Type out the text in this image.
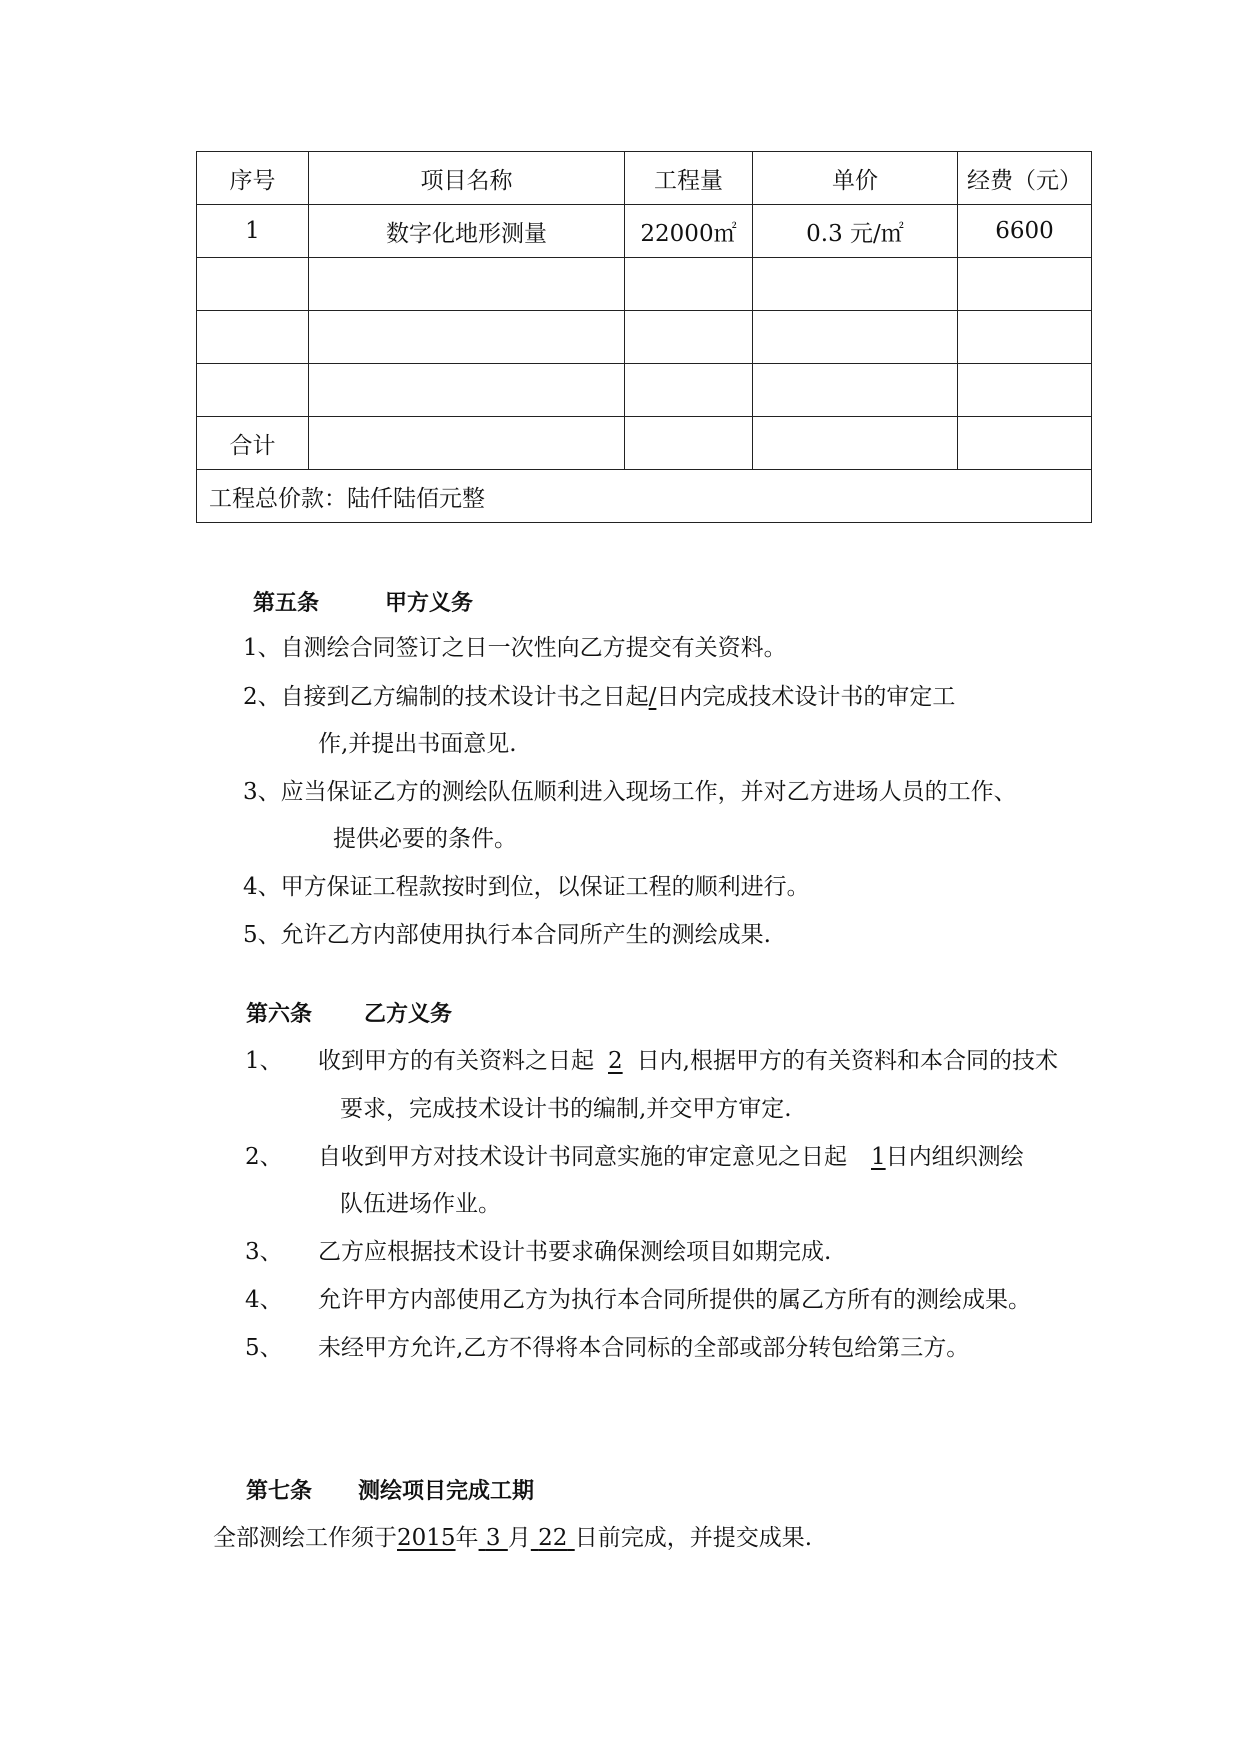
序号	项目名称	工程量	单价	经费（元）
1	数字化地形测量	22000㎡	0.3 元/㎡	6600

合计				
工程总价款：陆仟陆佰元整				
第五条	甲方义务
1、自测绘合同签订之日一次性向乙方提交有关资料。
2、自接到乙方编制的技术设计书之日起/日内完成技术设计书的审定工
作,并提出书面意见.
3、应当保证乙方的测绘队伍顺利进入现场工作，并对乙方进场人员的工作、
提供必要的条件。
4、甲方保证工程款按时到位，以保证工程的顺利进行。
5、允许乙方内部使用执行本合同所产生的测绘成果.
第六条 乙方义务
1、 收到甲方的有关资料之日起 2 日内,根据甲方的有关资料和本合同的技术
要求，完成技术设计书的编制,并交甲方审定.
2、 自收到甲方对技术设计书同意实施的审定意见之日起 1日内组织测绘
队伍进场作业。
3、 乙方应根据技术设计书要求确保测绘项目如期完成.
4、 允许甲方内部使用乙方为执行本合同所提供的属乙方所有的测绘成果。
5、 未经甲方允许,乙方不得将本合同标的全部或部分转包给第三方。
第七条 测绘项目完成工期
全部测绘工作须于2015年 3 月 22 日前完成，并提交成果.
